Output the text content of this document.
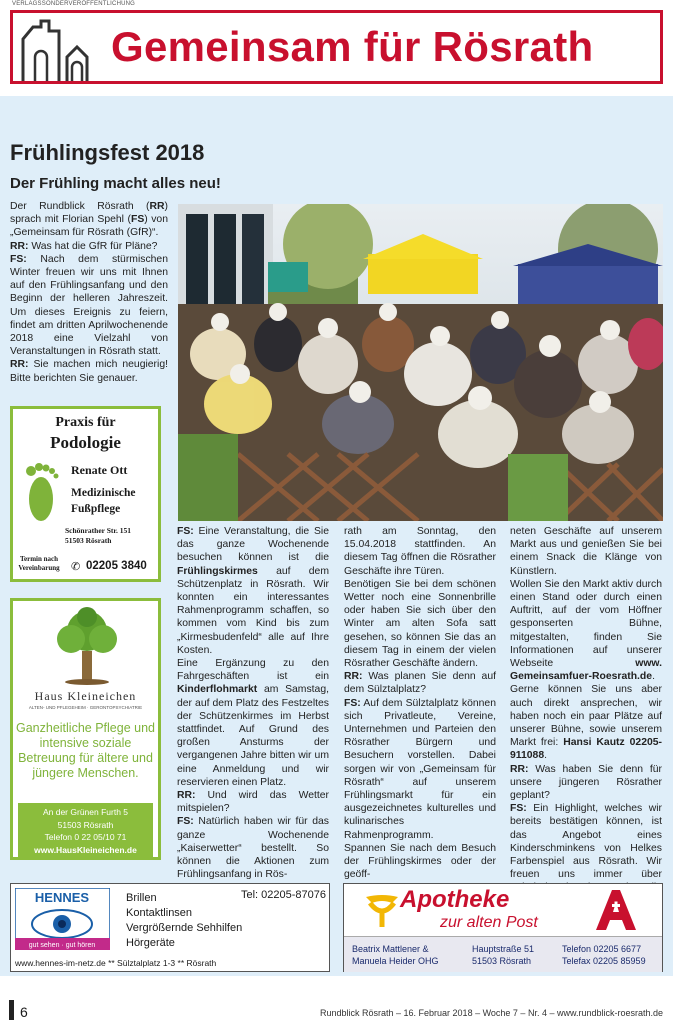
VERLAGSSONDERVERÖFFENTLICHUNG
Gemeinsam für Rösrath
Frühlingsfest 2018
Der Frühling macht alles neu!

Der Rundblick Rösrath (RR) sprach mit Florian Spehl (FS) von „Gemeinsam für Rösrath (GfR)“.
RR: Was hat die GfR für Pläne?
FS: Nach dem stürmischen Winter freuen wir uns mit Ihnen auf den Frühlingsanfang und den Beginn der helleren Jahreszeit. Um dieses Ereignis zu feiern, findet am dritten Aprilwochenende 2018 eine Vielzahl von Veranstaltungen in Rösrath statt.
RR: Sie machen mich neugierig! Bitte berichten Sie genauer.

Praxis für
Podologie
Renate Ott
Medizinische
Fußpflege
Schönrather Str. 151
51503 Rösrath
Termin nach Vereinbarung	✆ 02205 3840
Haus Kleineichen
ALTEN- UND PFLEGEHEIM · GERONTOPSYCHIATRIE
Ganzheitliche Pflege und intensive soziale Betreuung für ältere und jüngere Menschen.
An der Grünen Furth 5
51503 Rösrath
Telefon 0 22 05/10 71
www.HausKleineichen.de

FS: Eine Veranstaltung, die Sie das ganze Wochenende besuchen können ist die Frühlingskirmes auf dem Schützenplatz in Rösrath. Wir konnten ein interessantes Rahmenprogramm schaffen, so kommen vom Kind bis zum „Kirmesbudenfeld“ alle auf Ihre Kosten.
Eine Ergänzung zu den Fahrgeschäften ist ein Kinderflohmarkt am Samstag, der auf dem Platz des Festzeltes der Schützenkirmes im Herbst stattfindet. Auf Grund des großen Ansturms der vergangenen Jahre bitten wir um eine Anmeldung und wir reservieren einen Platz.
RR: Und wird das Wetter mitspielen?
FS: Natürlich haben wir für das ganze Wochenende „Kaiserwetter“ bestellt. So können die Aktionen zum Frühlingsanfang in Rös-

rath am Sonntag, den 15.04.2018 stattfinden. An diesem Tag öffnen die Rösrather Geschäfte ihre Türen.
Benötigen Sie bei dem schönen Wetter noch eine Sonnenbrille oder haben Sie sich über den Winter am alten Sofa satt gesehen, so können Sie das an diesem Tag in einem der vielen Rösrather Geschäfte ändern.
RR: Was planen Sie denn auf dem Sülztalplatz?
FS: Auf dem Sülztalplatz können sich Privatleute, Vereine, Unternehmen und Parteien den Rösrather Bürgern und Besuchern vorstellen. Dabei sorgen wir von „Gemeinsam für Rösrath“ auf unserem Frühlingsmarkt für ein ausgezeichnetes kulturelles und kulinarisches Rahmenprogramm.
Spannen Sie nach dem Besuch der Frühlingskirmes oder der geöff-

neten Geschäfte auf unserem Markt aus und genießen Sie bei einem Snack die Klänge von Künstlern.
Wollen Sie den Markt aktiv durch einen Stand oder durch einen Auftritt, auf der vom Höffner gesponserten Bühne, mitgestalten, finden Sie Informationen auf unserer Webseite	www. Gemeinsamfuer-Roesrath.de.
Gerne können Sie uns aber auch direkt ansprechen, wir haben noch ein paar Plätze auf unserer Bühne, sowie unserem Markt frei: Hansi Kautz 02205-911088.
RR: Was haben Sie denn für unsere jüngeren Rösrather geplant?
FS: Ein Highlight, welches wir bereits bestätigen können, ist das Angebot eines Kinderschminkens von Helkes Farbenspiel aus Rösrath. Wir freuen uns immer über

HENNES
gut sehen · gut hören
Brillen
Kontaktlinsen
Vergrößernde Sehhilfen
Hörgeräte
Tel: 02205-87076
www.hennes-im-netz.de ** Sülztalplatz 1-3 ** Rösrath
Apotheke
zur alten Post
Beatrix Mattlener &
Manuela Heider OHG
Hauptstraße 51
51503 Rösrath
Telefon 02205 6677
Telefax 02205 85959
6	Rundblick Rösrath – 16. Februar 2018 – Woche 7 – Nr. 4 – www.rundblick-roesrath.de
